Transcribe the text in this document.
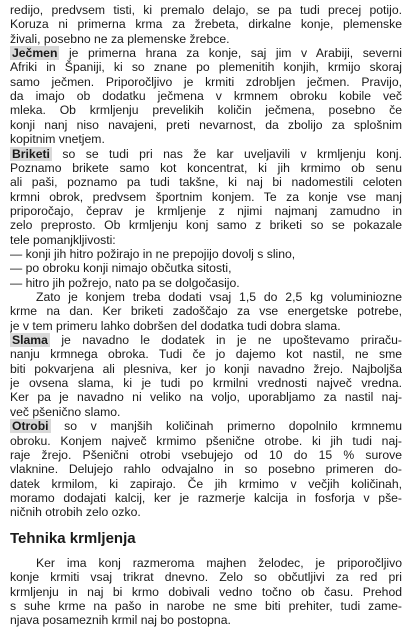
redijo, predvsem tisti, ki premalo delajo, se pa tudi precej potijo.
Koruza ni primerna krma za žrebeta, dirkalne konje, plemenske
živali, posebno ne za plemenske žrebce.
Ječmen je primerna hrana za konje, saj jim v Arabiji, severni
Afriki in Španiji, ki so znane po plemenitih konjih, krmijo skoraj
samo ječmen. Priporočljivo je krmiti zdrobljen ječmen. Pravijo,
da imajo ob dodatku ječmena v krmnem obroku kobile več
mleka. Ob krmljenju prevelikih količin ječmena, posebno če
konji nanj niso navajeni, preti nevarnost, da zbolijo za splošnim
kopitnim vnetjem.
Briketi so se tudi pri nas že kar uveljavili v krmljenju konj.
Poznamo brikete samo kot koncentrat, ki jih krmimo ob senu
ali paši, poznamo pa tudi takšne, ki naj bi nadomestili celoten
krmni obrok, predvsem športnim konjem. Te za konje vse manj
priporočajo, čeprav je krmljenje z njimi najmanj zamudno in
zelo preprosto. Ob krmljenju konj samo z briketi so se pokazale
tele pomanjkljivosti:
— konji jih hitro požirajo in ne prepojijo dovolj s slino,
— po obroku konji nimajo občutka sitosti,
— hitro jih požrejo, nato pa se dolgočasijo.
Zato je konjem treba dodati vsaj 1,5 do 2,5 kg voluminiozne
krme na dan. Ker briketi zadoščajo za vse energetske potrebe,
je v tem primeru lahko dobršen del dodatka tudi dobra slama.
Slama je navadno le dodatek in je ne upoštevamo priraču-
nanju krmnega obroka. Tudi če jo dajemo kot nastil, ne sme
biti pokvarjena ali plesniva, ker jo konji navadno žrejo. Najboljša
je ovsena slama, ki je tudi po krmilni vrednosti največ vredna.
Ker pa je navadno ni veliko na voljo, uporabljamo za nastil naj-
več pšenično slamo.
Otrobi so v manjših količinah primerno dopolnilo krmnemu
obroku. Konjem največ krmimo pšenične otrobe. ki jih tudi naj-
raje žrejo. Pšenični otrobi vsebujejo od 10 do 15 % surove
vlaknine. Delujejo rahlo odvajalno in so posebno primeren do-
datek krmilom, ki zapirajo. Če jih krmimo v večjih količinah,
moramo dodajati kalcij, ker je razmerje kalcija in fosforja v pše-
ničnih otrobih zelo ozko.
Tehnika krmljenja
Ker ima konj razmeroma majhen želodec, je priporočljivo
konje krmiti vsaj trikrat dnevno. Zelo so občutljivi za red pri
krmljenju in naj bi krmo dobivali vedno točno ob času. Prehod
s suhe krme na pašo in narobe ne sme biti prehiter, tudi zame-
njava posameznih krmil naj bo postopna.
